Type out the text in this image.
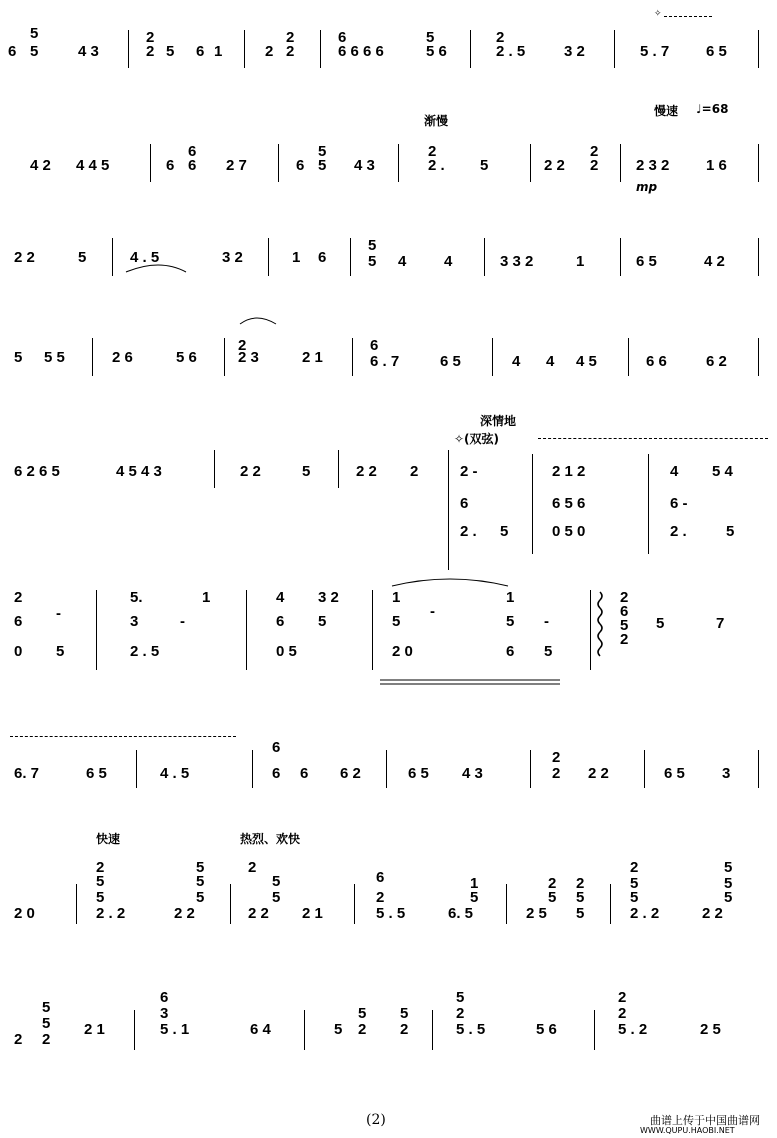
6
5
5	4 3
2
2 5 6 1	2
2
2
6
6 6 6 6
5
5 6
2
2 . 5	3 2
✧
5 . 7 6 5
渐慢
慢速 ♩=68
4 2 4 4 5	6
6
6 2 7	6
5
5 4 3
2
2 . 5	2 2
2
2	2 3 2 1 6
mp
2 2	5	4 . 5	3 2	1 6
5
5 4	4	3 3 2	1	6 5	4 2
5 5 5	2 6	5 6
2
2 3	2 1
6
6 . 7	6 5	4 4 4 5	6 6	6 2
深情地
✧(双弦)
6 2 6 5	4 5 4 3	2 2	5	2 2 2	2 -
6
2 . 5
2 1 2
6 5 6
0 5 0
4 5 4
6 -
2 .	5
2
6 -
0 5
5.
3	-
1
2 . 5
4
6
3 2
5
0 5
1
-
1
5	5 -
2 0	6 5
2
6
5
2
5	7
6. 7	6 5	4 . 5
6
6 6 6 2	6 5 4 3
2
2 2 2	6 5 3
快速	热烈、欢快
2 0
2
5
5
2 . 2
5
5
5
2 2
2
5
5
2 2 2 1
6
2
5 . 5
1
5
6. 5
2
5
2 5
2
5
5
2
5
5
2 . 2
5
5
5
2 2
5
5
2 2
2 1
6
3
5 . 1	6 4	5
5
2
5
2
5
2
5 . 5	5 6
2
2
5 . 2	2 5
(2)	曲谱上传于中国曲谱网
WWW.QUPU.HAOBI.NET
